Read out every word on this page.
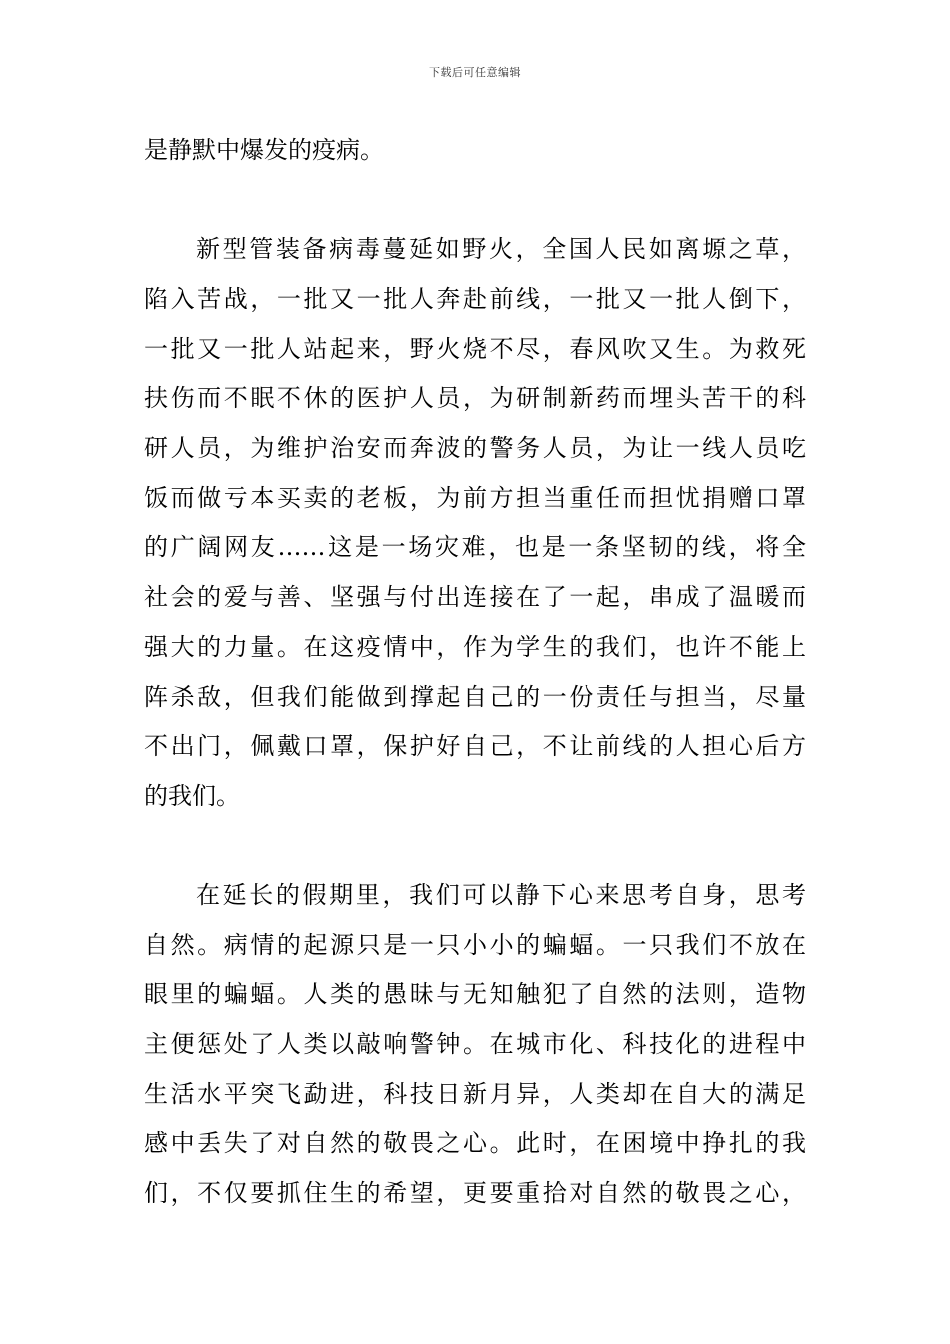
下载后可任意编辑
是静默中爆发的疫病。
新型管装备病毒蔓延如野火，全国人民如离塬之草，
陷入苦战，一批又一批人奔赴前线，一批又一批人倒下，
一批又一批人站起来，野火烧不尽，春风吹又生。为救死
扶伤而不眠不休的医护人员，为研制新药而埋头苦干的科
研人员，为维护治安而奔波的警务人员，为让一线人员吃
饭而做亏本买卖的老板，为前方担当重任而担忧捐赠口罩
的广阔网友……这是一场灾难，也是一条坚韧的线，将全
社会的爱与善、坚强与付出连接在了一起，串成了温暖而
强大的力量。在这疫情中，作为学生的我们，也许不能上
阵杀敌，但我们能做到撑起自己的一份责任与担当，尽量
不出门，佩戴口罩，保护好自己，不让前线的人担心后方
的我们。
在延长的假期里，我们可以静下心来思考自身，思考
自然。病情的起源只是一只小小的蝙蝠。一只我们不放在
眼里的蝙蝠。人类的愚昧与无知触犯了自然的法则，造物
主便惩处了人类以敲响警钟。在城市化、科技化的进程中
生活水平突飞勐进，科技日新月异，人类却在自大的满足
感中丢失了对自然的敬畏之心。此时，在困境中挣扎的我
们，不仅要抓住生的希望，更要重拾对自然的敬畏之心，
